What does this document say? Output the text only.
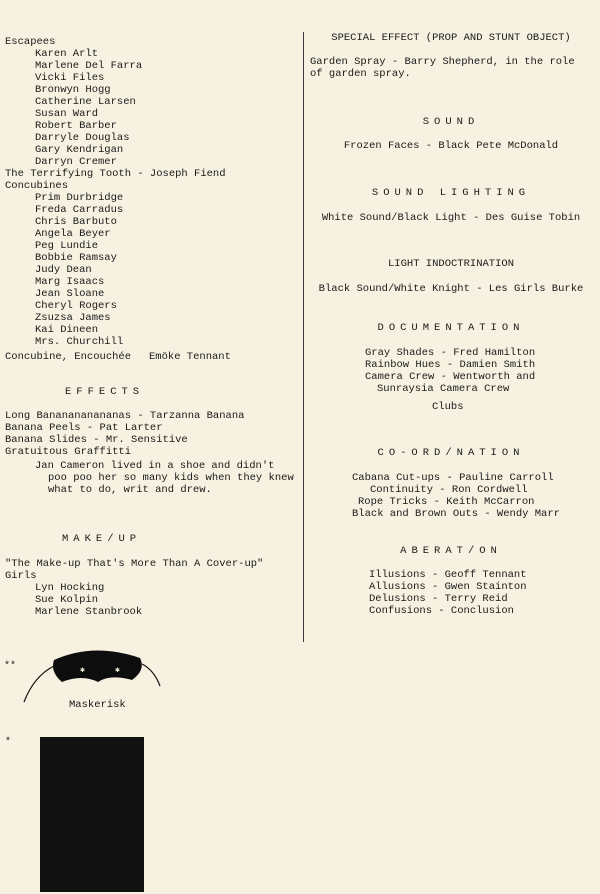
Escapees
Karen Arlt
Marlene Del Farra
Vicki Files
Bronwyn Hogg
Catherine Larsen
Susan Ward
Robert Barber
Darryle Douglas
Gary Kendrigan
Darryn Cremer
The Terrifying Tooth - Joseph Fiend
Concubines
Prim Durbridge
Freda Carradus
Chris Barbuto
Angela Beyer
Peg Lundie
Bobbie Ramsay
Judy Dean
Marg Isaacs
Jean Sloane
Cheryl Rogers
Zsuzsa James
Kai Dineen
Mrs. Churchill
Concubine, Encouchée Emöke Tennant
EFFECTS
Long Bananananananas - Tarzanna Banana
Banana Peels - Pat Larter
Banana Slides - Mr. Sensitive
Gratuitous Graffitti
Jan Cameron lived in a shoe and didn't
poo poo her so many kids when they knew
what to do, writ and drew.
MAKE/UP
"The Make-up That's More Than A Cover-up"
Girls
Lyn Hocking
Sue Kolpin
Marlene Stanbrook
**	✱	✱
Maskerisk
*
SPECIAL EFFECT (PROP AND STUNT OBJECT)
Garden Spray - Barry Shepherd, in the role
of garden spray.
SOUND
Frozen Faces - Black Pete McDonald
SOUND LIGHTING
White Sound/Black Light - Des Guise Tobin
LIGHT INDOCTRINATION
Black Sound/White Knight - Les Girls Burke
DOCUMENTATION
Gray Shades - Fred Hamilton
Rainbow Hues - Damien Smith
Camera Crew - Wentworth and
Sunraysia Camera Crew
Clubs
CO-ORD/NATION
Cabana Cut-ups - Pauline Carroll
Continuity - Ron Cordwell
Rope Tricks - Keith McCarron
Black and Brown Outs - Wendy Marr
ABERAT/ON
Illusions - Geoff Tennant
Allusions - Gwen Stainton
Delusions - Terry Reid
Confusions - Conclusion
